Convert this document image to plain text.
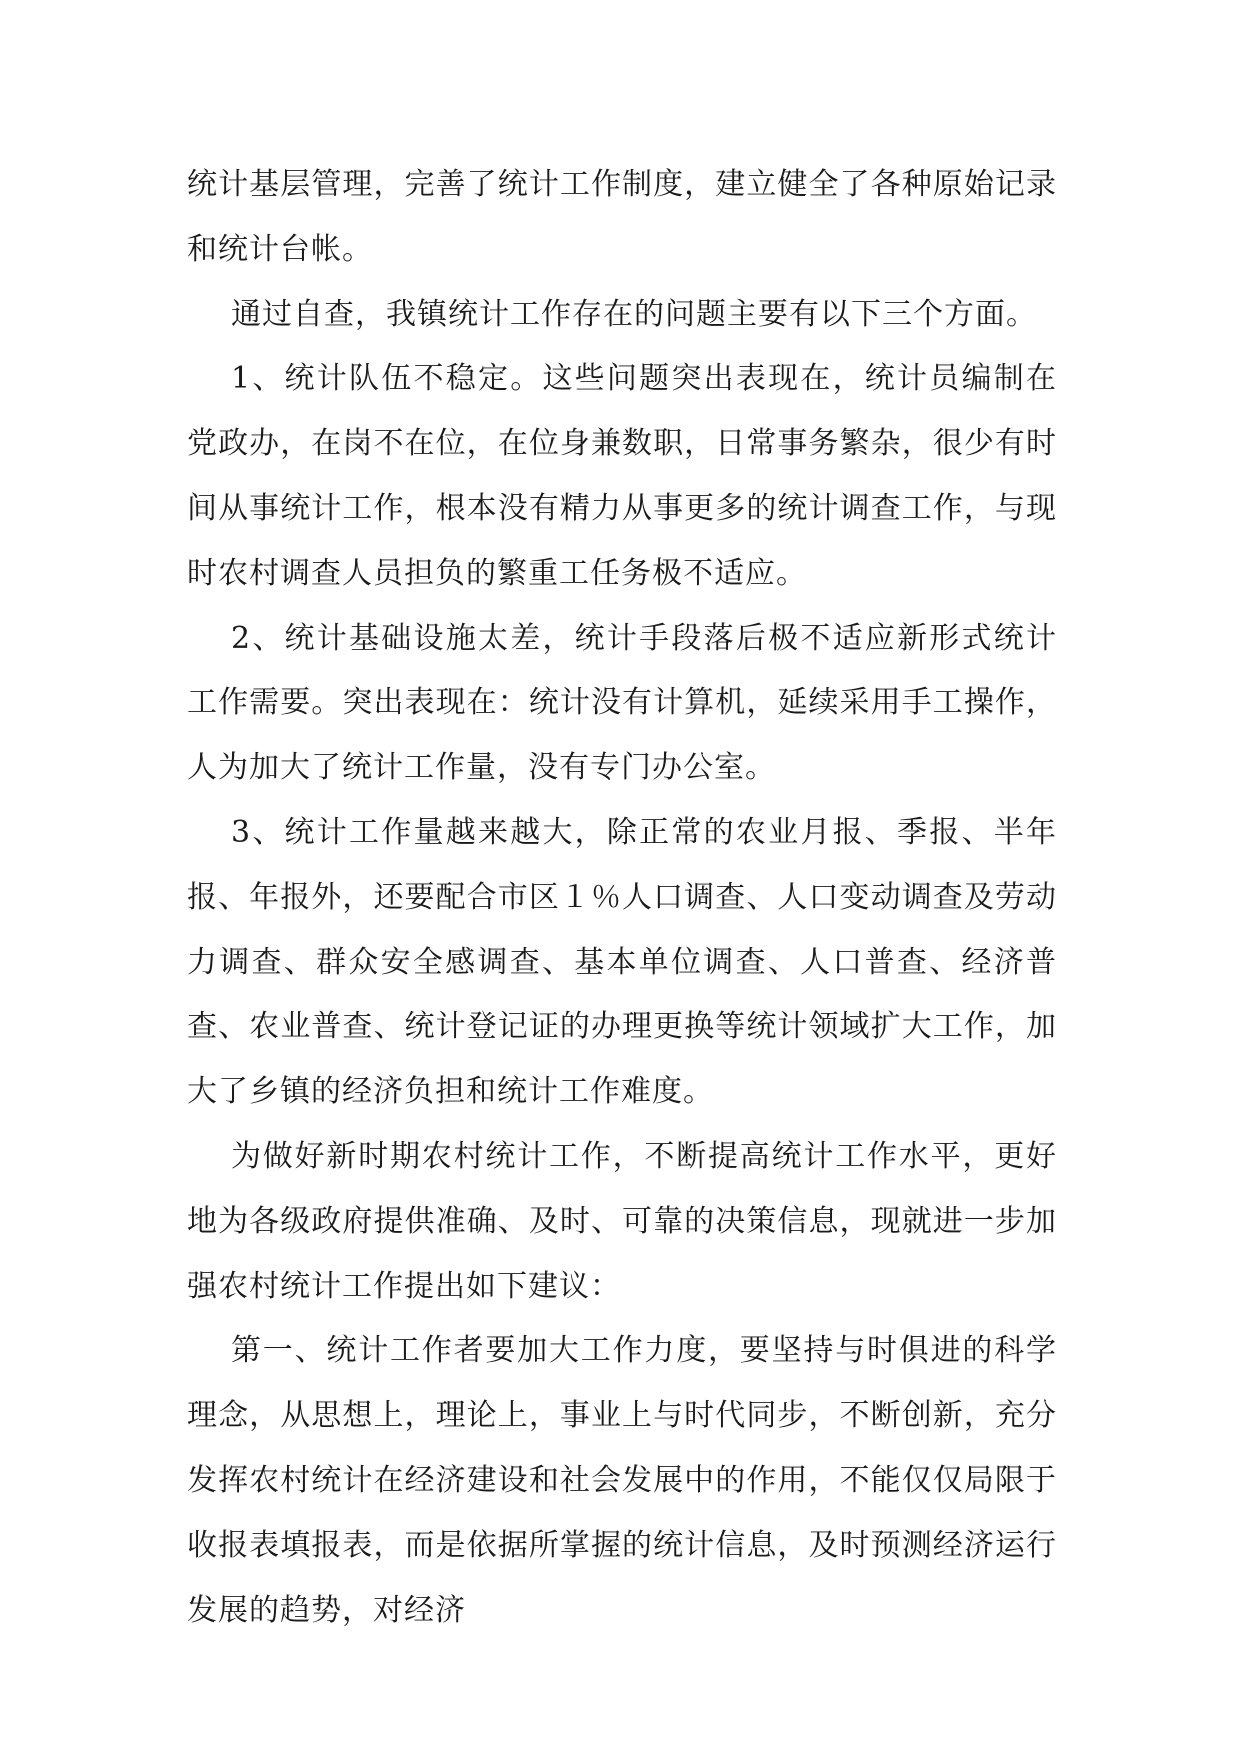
统计基层管理，完善了统计工作制度，建立健全了各种原始记录和统计台帐。

通过自查，我镇统计工作存在的问题主要有以下三个方面。

1、统计队伍不稳定。这些问题突出表现在，统计员编制在党政办，在岗不在位，在位身兼数职，日常事务繁杂，很少有时间从事统计工作，根本没有精力从事更多的统计调查工作，与现时农村调查人员担负的繁重工任务极不适应。

2、统计基础设施太差，统计手段落后极不适应新形式统计工作需要。突出表现在：统计没有计算机，延续采用手工操作，人为加大了统计工作量，没有专门办公室。

3、统计工作量越来越大，除正常的农业月报、季报、半年报、年报外，还要配合市区１％人口调查、人口变动调查及劳动力调查、群众安全感调查、基本单位调查、人口普查、经济普查、农业普查、统计登记证的办理更换等统计领域扩大工作，加大了乡镇的经济负担和统计工作难度。

为做好新时期农村统计工作，不断提高统计工作水平，更好地为各级政府提供准确、及时、可靠的决策信息，现就进一步加强农村统计工作提出如下建议：

第一、统计工作者要加大工作力度，要坚持与时俱进的科学理念，从思想上，理论上，事业上与时代同步，不断创新，充分发挥农村统计在经济建设和社会发展中的作用，不能仅仅局限于收报表填报表，而是依据所掌握的统计信息，及时预测经济运行发展的趋势，对经济
